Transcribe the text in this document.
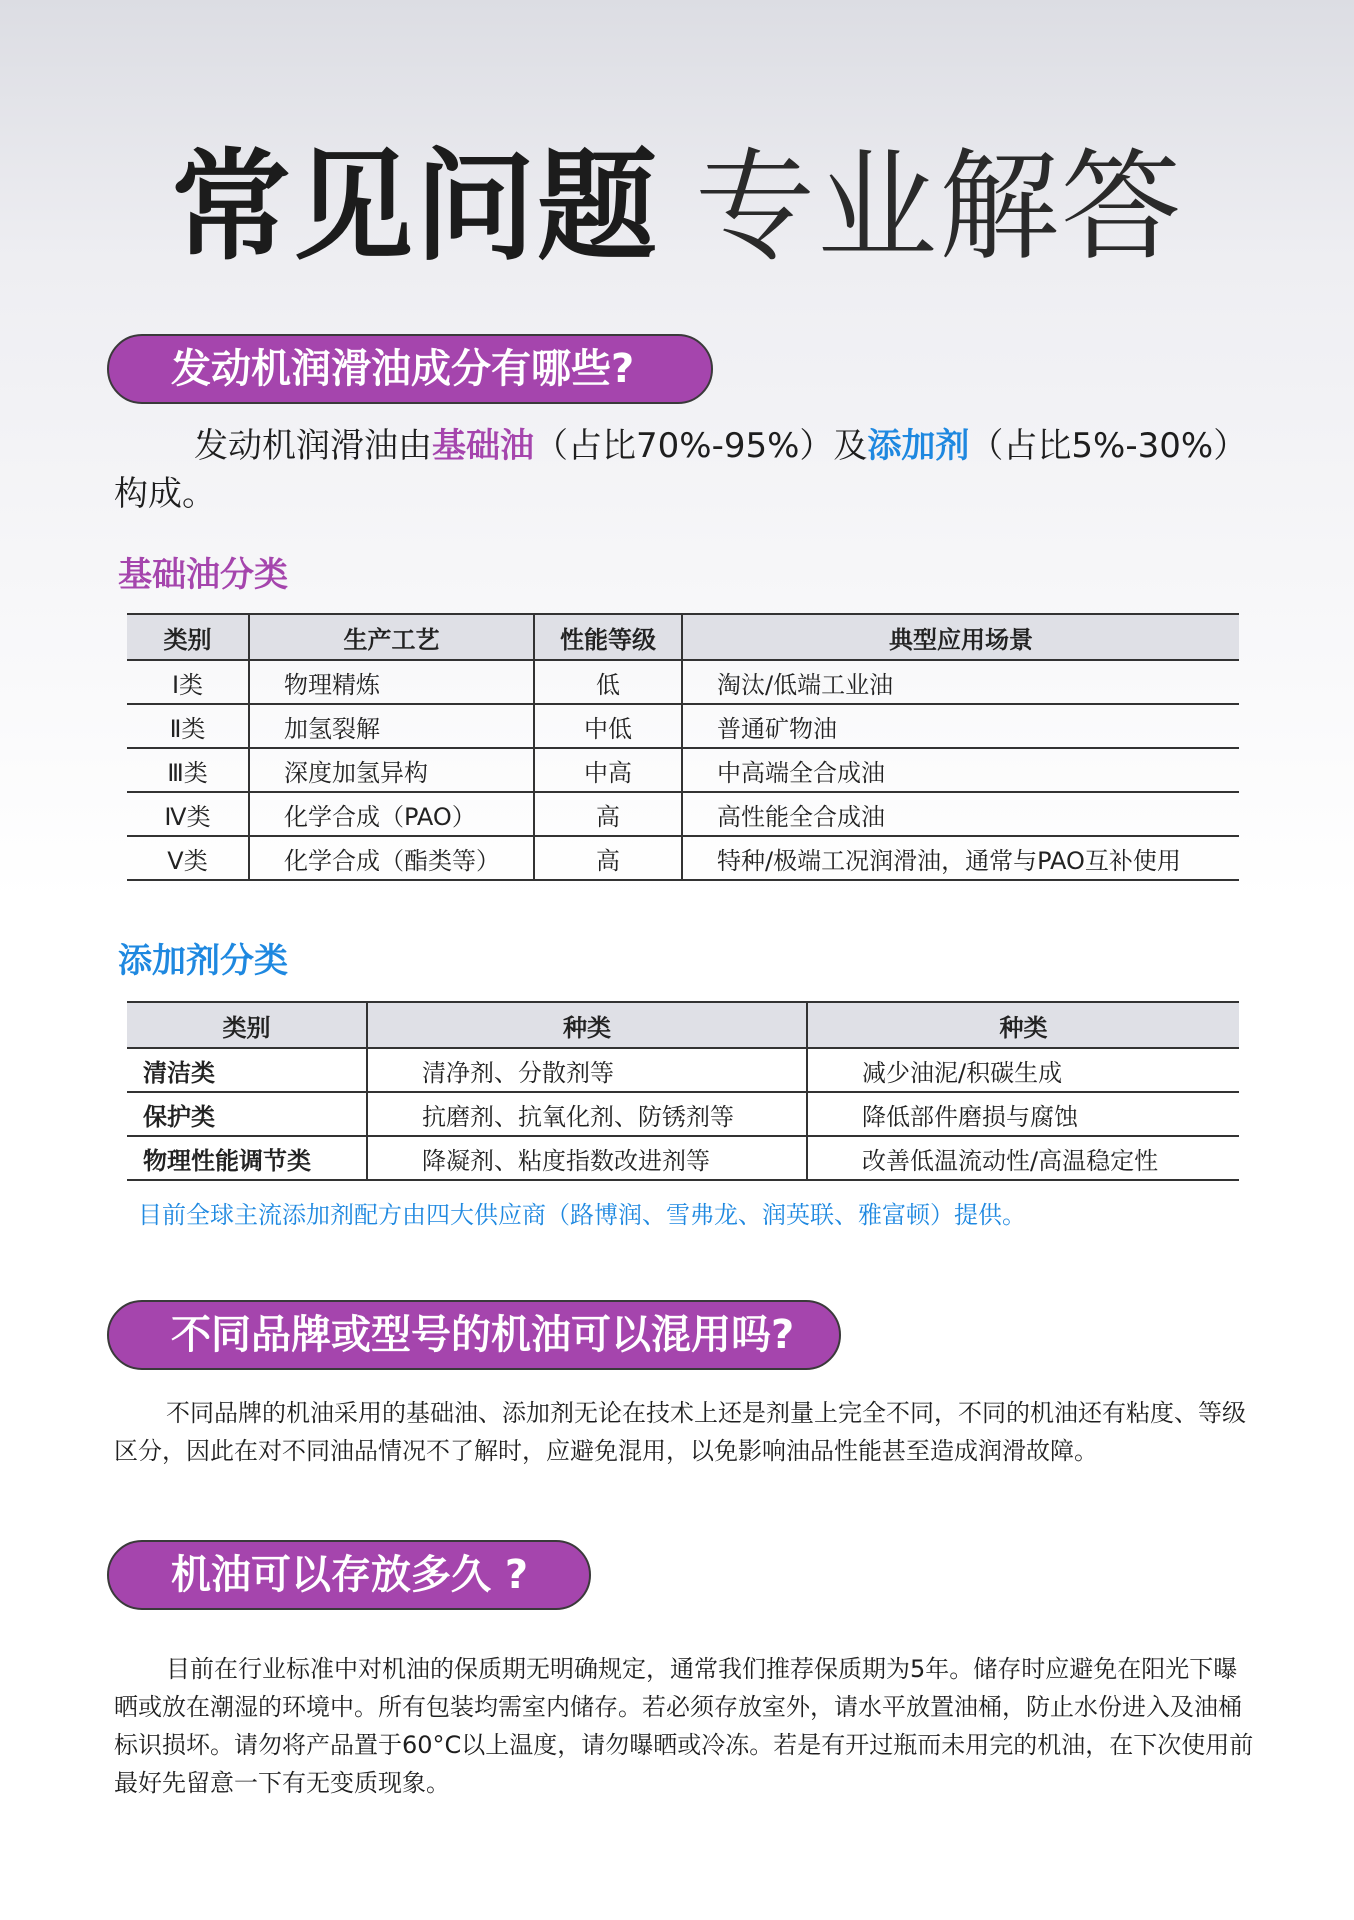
常见问题 专业解答
发动机润滑油成分有哪些?
发动机润滑油由基础油（占比70%-95%）及添加剂（占比5%-30%）
构成。
基础油分类
类别	生产工艺	性能等级	典型应用场景
Ⅰ类	物理精炼	低	淘汰/低端工业油
Ⅱ类	加氢裂解	中低	普通矿物油
Ⅲ类	深度加氢异构	中高	中高端全合成油
Ⅳ类	化学合成（PAO）	高	高性能全合成油
Ⅴ类	化学合成（酯类等）	高	特种/极端工况润滑油，通常与PAO互补使用
添加剂分类
类别	种类	种类
清洁类	清净剂、分散剂等	减少油泥/积碳生成
保护类	抗磨剂、抗氧化剂、防锈剂等	降低部件磨损与腐蚀
物理性能调节类	降凝剂、粘度指数改进剂等	改善低温流动性/高温稳定性
目前全球主流添加剂配方由四大供应商（路博润、雪弗龙、润英联、雅富顿）提供。
不同品牌或型号的机油可以混用吗?
不同品牌的机油采用的基础油、添加剂无论在技术上还是剂量上完全不同，不同的机油还有粘度、等级
区分，因此在对不同油品情况不了解时，应避免混用，以免影响油品性能甚至造成润滑故障。
机油可以存放多久 ?
目前在行业标准中对机油的保质期无明确规定，通常我们推荐保质期为5年。储存时应避免在阳光下曝
晒或放在潮湿的环境中。所有包装均需室内储存。若必须存放室外，请水平放置油桶，防止水份进入及油桶
标识损坏。请勿将产品置于60°C以上温度，请勿曝晒或冷冻。若是有开过瓶而未用完的机油，在下次使用前
最好先留意一下有无变质现象。
